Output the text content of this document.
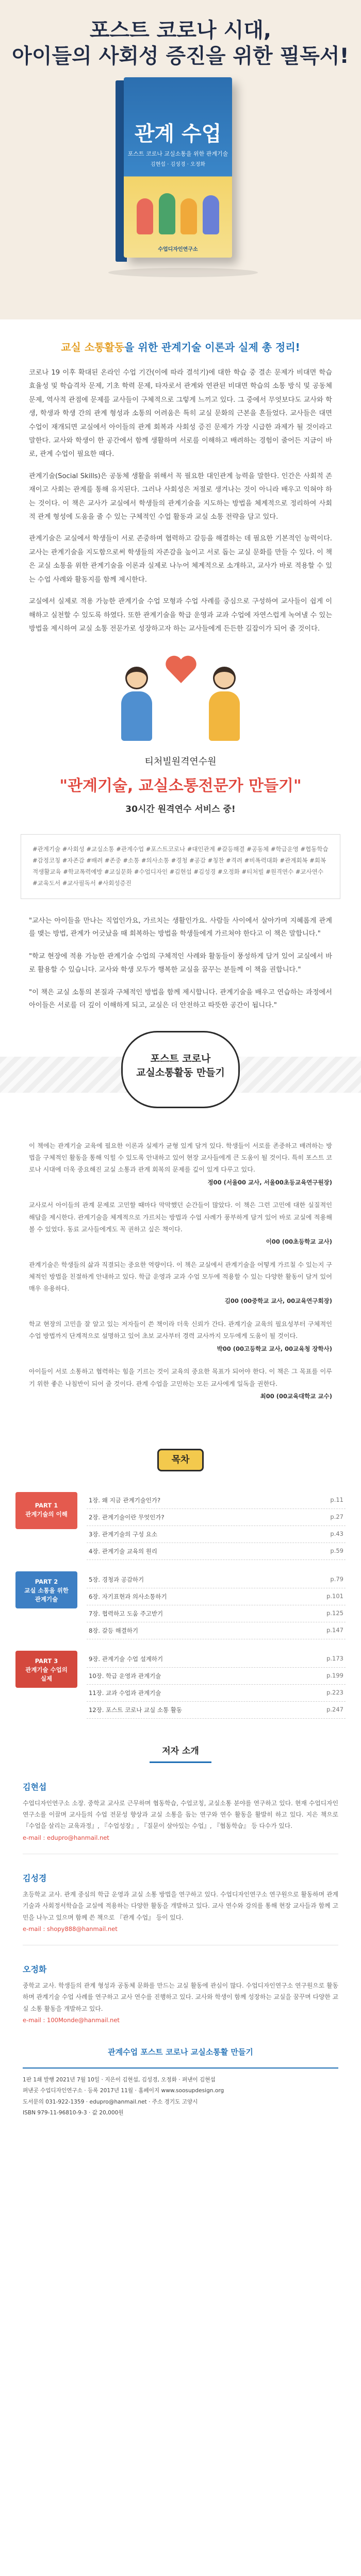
포스트 코로나 시대,
아이들의 사회성 증진을 위한 필독서!
관계 수업
포스트 코로나 교실소통을 위한 관계기술
김현섭 · 김성경 · 오정화
수업디자인연구소
교실 소통활동을 위한 관계기술 이론과 실제 총 정리!

코로나 19 이후 확대된 온라인 수업 기간(이에 따라 결석기)에 대한 학습 중 결손 문제가 비대면 학습 효율성 및 학습격차 문제, 기초 학력 문제, 타자로서 관계와 연관된 비대면 학습의 소통 방식 및 공동체 문제, 역사적 관점에 문제를 교사들이 구체적으로 그렇게 느끼고 있다. 그 중에서 무엇보다도 교사와 학생, 학생과 학생 간의 관계 형성과 소통의 어려움은 특히 교실 문화의 근본을 흔들었다. 교사들은 대면수업이 재개되면 교실에서 아이들의 관계 회복과 사회성 증진 문제가 가장 시급한 과제가 될 것이라고 말한다. 교사와 학생이 한 공간에서 함께 생활하며 서로를 이해하고 배려하는 경험이 줄어든 지금이 바로, 관계 수업이 필요한 때다.

관계기술(Social Skills)은 공동체 생활을 위해서 꼭 필요한 대인관계 능력을 말한다. 인간은 사회적 존재이고 사회는 관계를 통해 유지된다. 그러나 사회성은 저절로 생겨나는 것이 아니라 배우고 익혀야 하는 것이다. 이 책은 교사가 교실에서 학생들의 관계기술을 지도하는 방법을 체계적으로 정리하여 사회적 관계 형성에 도움을 줄 수 있는 구체적인 수업 활동과 교실 소통 전략을 담고 있다.

관계기술은 교실에서 학생들이 서로 존중하며 협력하고 갈등을 해결하는 데 필요한 기본적인 능력이다. 교사는 관계기술을 지도함으로써 학생들의 자존감을 높이고 서로 돕는 교실 문화를 만들 수 있다. 이 책은 교실 소통을 위한 관계기술을 이론과 실제로 나누어 체계적으로 소개하고, 교사가 바로 적용할 수 있는 수업 사례와 활동지를 함께 제시한다.

교실에서 실제로 적용 가능한 관계기술 수업 모형과 수업 사례를 중심으로 구성하여 교사들이 쉽게 이해하고 실천할 수 있도록 하였다. 또한 관계기술을 학급 운영과 교과 수업에 자연스럽게 녹여낼 수 있는 방법을 제시하여 교실 소통 전문가로 성장하고자 하는 교사들에게 든든한 길잡이가 되어 줄 것이다.

티처빌원격연수원
"관계기술, 교실소통전문가 만들기"
30시간 원격연수 서비스 중!
#관계기술 #사회성 #교실소통 #관계수업 #포스트코로나 #대인관계 #갈등해결 #공동체 #학급운영 #협동학습 #감정코칭 #자존감 #배려 #존중 #소통 #의사소통 #경청 #공감 #칭찬 #격려 #비폭력대화 #관계회복 #회복적생활교육 #학교폭력예방 #교실문화 #수업디자인 #김현섭 #김성경 #오정화 #티처빌 #원격연수 #교사연수 #교육도서 #교사필독서 #사회성증진

"교사는 아이들을 만나는 직업인가요, 가르치는 생활인가요. 사람들 사이에서 살아가며 지혜롭게 관계를 맺는 방법, 관계가 어긋났을 때 회복하는 방법을 학생들에게 가르쳐야 한다고 이 책은 말합니다."

"학교 현장에 적용 가능한 관계기술 수업의 구체적인 사례와 활동들이 풍성하게 담겨 있어 교실에서 바로 활용할 수 있습니다. 교사와 학생 모두가 행복한 교실을 꿈꾸는 분들께 이 책을 권합니다."

"이 책은 교실 소통의 본질과 구체적인 방법을 함께 제시합니다. 관계기술을 배우고 연습하는 과정에서 아이들은 서로를 더 깊이 이해하게 되고, 교실은 더 안전하고 따뜻한 공간이 됩니다."

포스트 코로나
교실소통활동 만들기
이 책에는 관계기술 교육에 필요한 이론과 실제가 균형 있게 담겨 있다. 학생들이 서로를 존중하고 배려하는 방법을 구체적인 활동을 통해 익힐 수 있도록 안내하고 있어 현장 교사들에게 큰 도움이 될 것이다. 특히 포스트 코로나 시대에 더욱 중요해진 교실 소통과 관계 회복의 문제를 깊이 있게 다루고 있다.
정00 (서울00 교사, 서울00초등교육연구원장)
교사로서 아이들의 관계 문제로 고민할 때마다 막막했던 순간들이 많았다. 이 책은 그런 고민에 대한 실질적인 해답을 제시한다. 관계기술을 체계적으로 가르치는 방법과 수업 사례가 풍부하게 담겨 있어 바로 교실에 적용해 볼 수 있었다. 동료 교사들에게도 꼭 권하고 싶은 책이다.
이00 (00초등학교 교사)
관계기술은 학생들의 삶과 직결되는 중요한 역량이다. 이 책은 교실에서 관계기술을 어떻게 가르칠 수 있는지 구체적인 방법을 친절하게 안내하고 있다. 학급 운영과 교과 수업 모두에 적용할 수 있는 다양한 활동이 담겨 있어 매우 유용하다.
김00 (00중학교 교사, 00교육연구회장)
학교 현장의 고민을 잘 알고 있는 저자들이 쓴 책이라 더욱 신뢰가 간다. 관계기술 교육의 필요성부터 구체적인 수업 방법까지 단계적으로 설명하고 있어 초보 교사부터 경력 교사까지 모두에게 도움이 될 것이다.
박00 (00고등학교 교사, 00교육청 장학사)
아이들이 서로 소통하고 협력하는 힘을 기르는 것이 교육의 중요한 목표가 되어야 한다. 이 책은 그 목표를 이루기 위한 좋은 나침반이 되어 줄 것이다. 관계 수업을 고민하는 모든 교사에게 일독을 권한다.
최00 (00교육대학교 교수)
목차
PART 1
관계기술의 이해
1장. 왜 지금 관계기술인가?	p.11
2장. 관계기술이란 무엇인가?	p.27
3장. 관계기술의 구성 요소	p.43
4장. 관계기술 교육의 원리	p.59
PART 2
교실 소통을 위한
관계기술
5장. 경청과 공감하기	p.79
6장. 자기표현과 의사소통하기	p.101
7장. 협력하고 도움 주고받기	p.125
8장. 갈등 해결하기	p.147
PART 3
관계기술 수업의
실제
9장. 관계기술 수업 설계하기	p.173
10장. 학급 운영과 관계기술	p.199
11장. 교과 수업과 관계기술	p.223
12장. 포스트 코로나 교실 소통 활동	p.247
저자 소개
김현섭
수업디자인연구소 소장. 중학교 교사로 근무하며 협동학습, 수업코칭, 교실소통 분야를 연구하고 있다. 현재 수업디자인연구소를 이끌며 교사들의 수업 전문성 향상과 교실 소통을 돕는 연구와 연수 활동을 활발히 하고 있다. 지은 책으로 『수업을 살리는 교육과정』, 『수업성장』, 『질문이 살아있는 수업』, 『협동학습』 등 다수가 있다.
e-mail : edupro@hanmail.net
김성경
초등학교 교사. 관계 중심의 학급 운영과 교실 소통 방법을 연구하고 있다. 수업디자인연구소 연구원으로 활동하며 관계기술과 사회정서학습을 교실에 적용하는 다양한 활동을 개발하고 있다. 교사 연수와 강의를 통해 현장 교사들과 함께 고민을 나누고 있으며 함께 쓴 책으로 『관계 수업』 등이 있다.
e-mail : shopy888@hanmail.net
오정화
중학교 교사. 학생들의 관계 형성과 공동체 문화를 만드는 교실 활동에 관심이 많다. 수업디자인연구소 연구원으로 활동하며 관계기술 수업 사례를 연구하고 교사 연수를 진행하고 있다. 교사와 학생이 함께 성장하는 교실을 꿈꾸며 다양한 교실 소통 활동을 개발하고 있다.
e-mail : 100Monde@hanmail.net
관계수업 포스트 코로나 교실소통활 만들기
1판 1쇄 발행 2021년 7월 10일 · 지은이 김현섭, 김성경, 오정화 · 펴낸이 김현섭
펴낸곳 수업디자인연구소 · 등록 2017년 11월 · 홈페이지 www.soosupdesign.org
도서문의 031-922-1359 · edupro@hanmail.net · 주소 경기도 고양시
ISBN 979-11-96810-9-3 · 값 20,000원
